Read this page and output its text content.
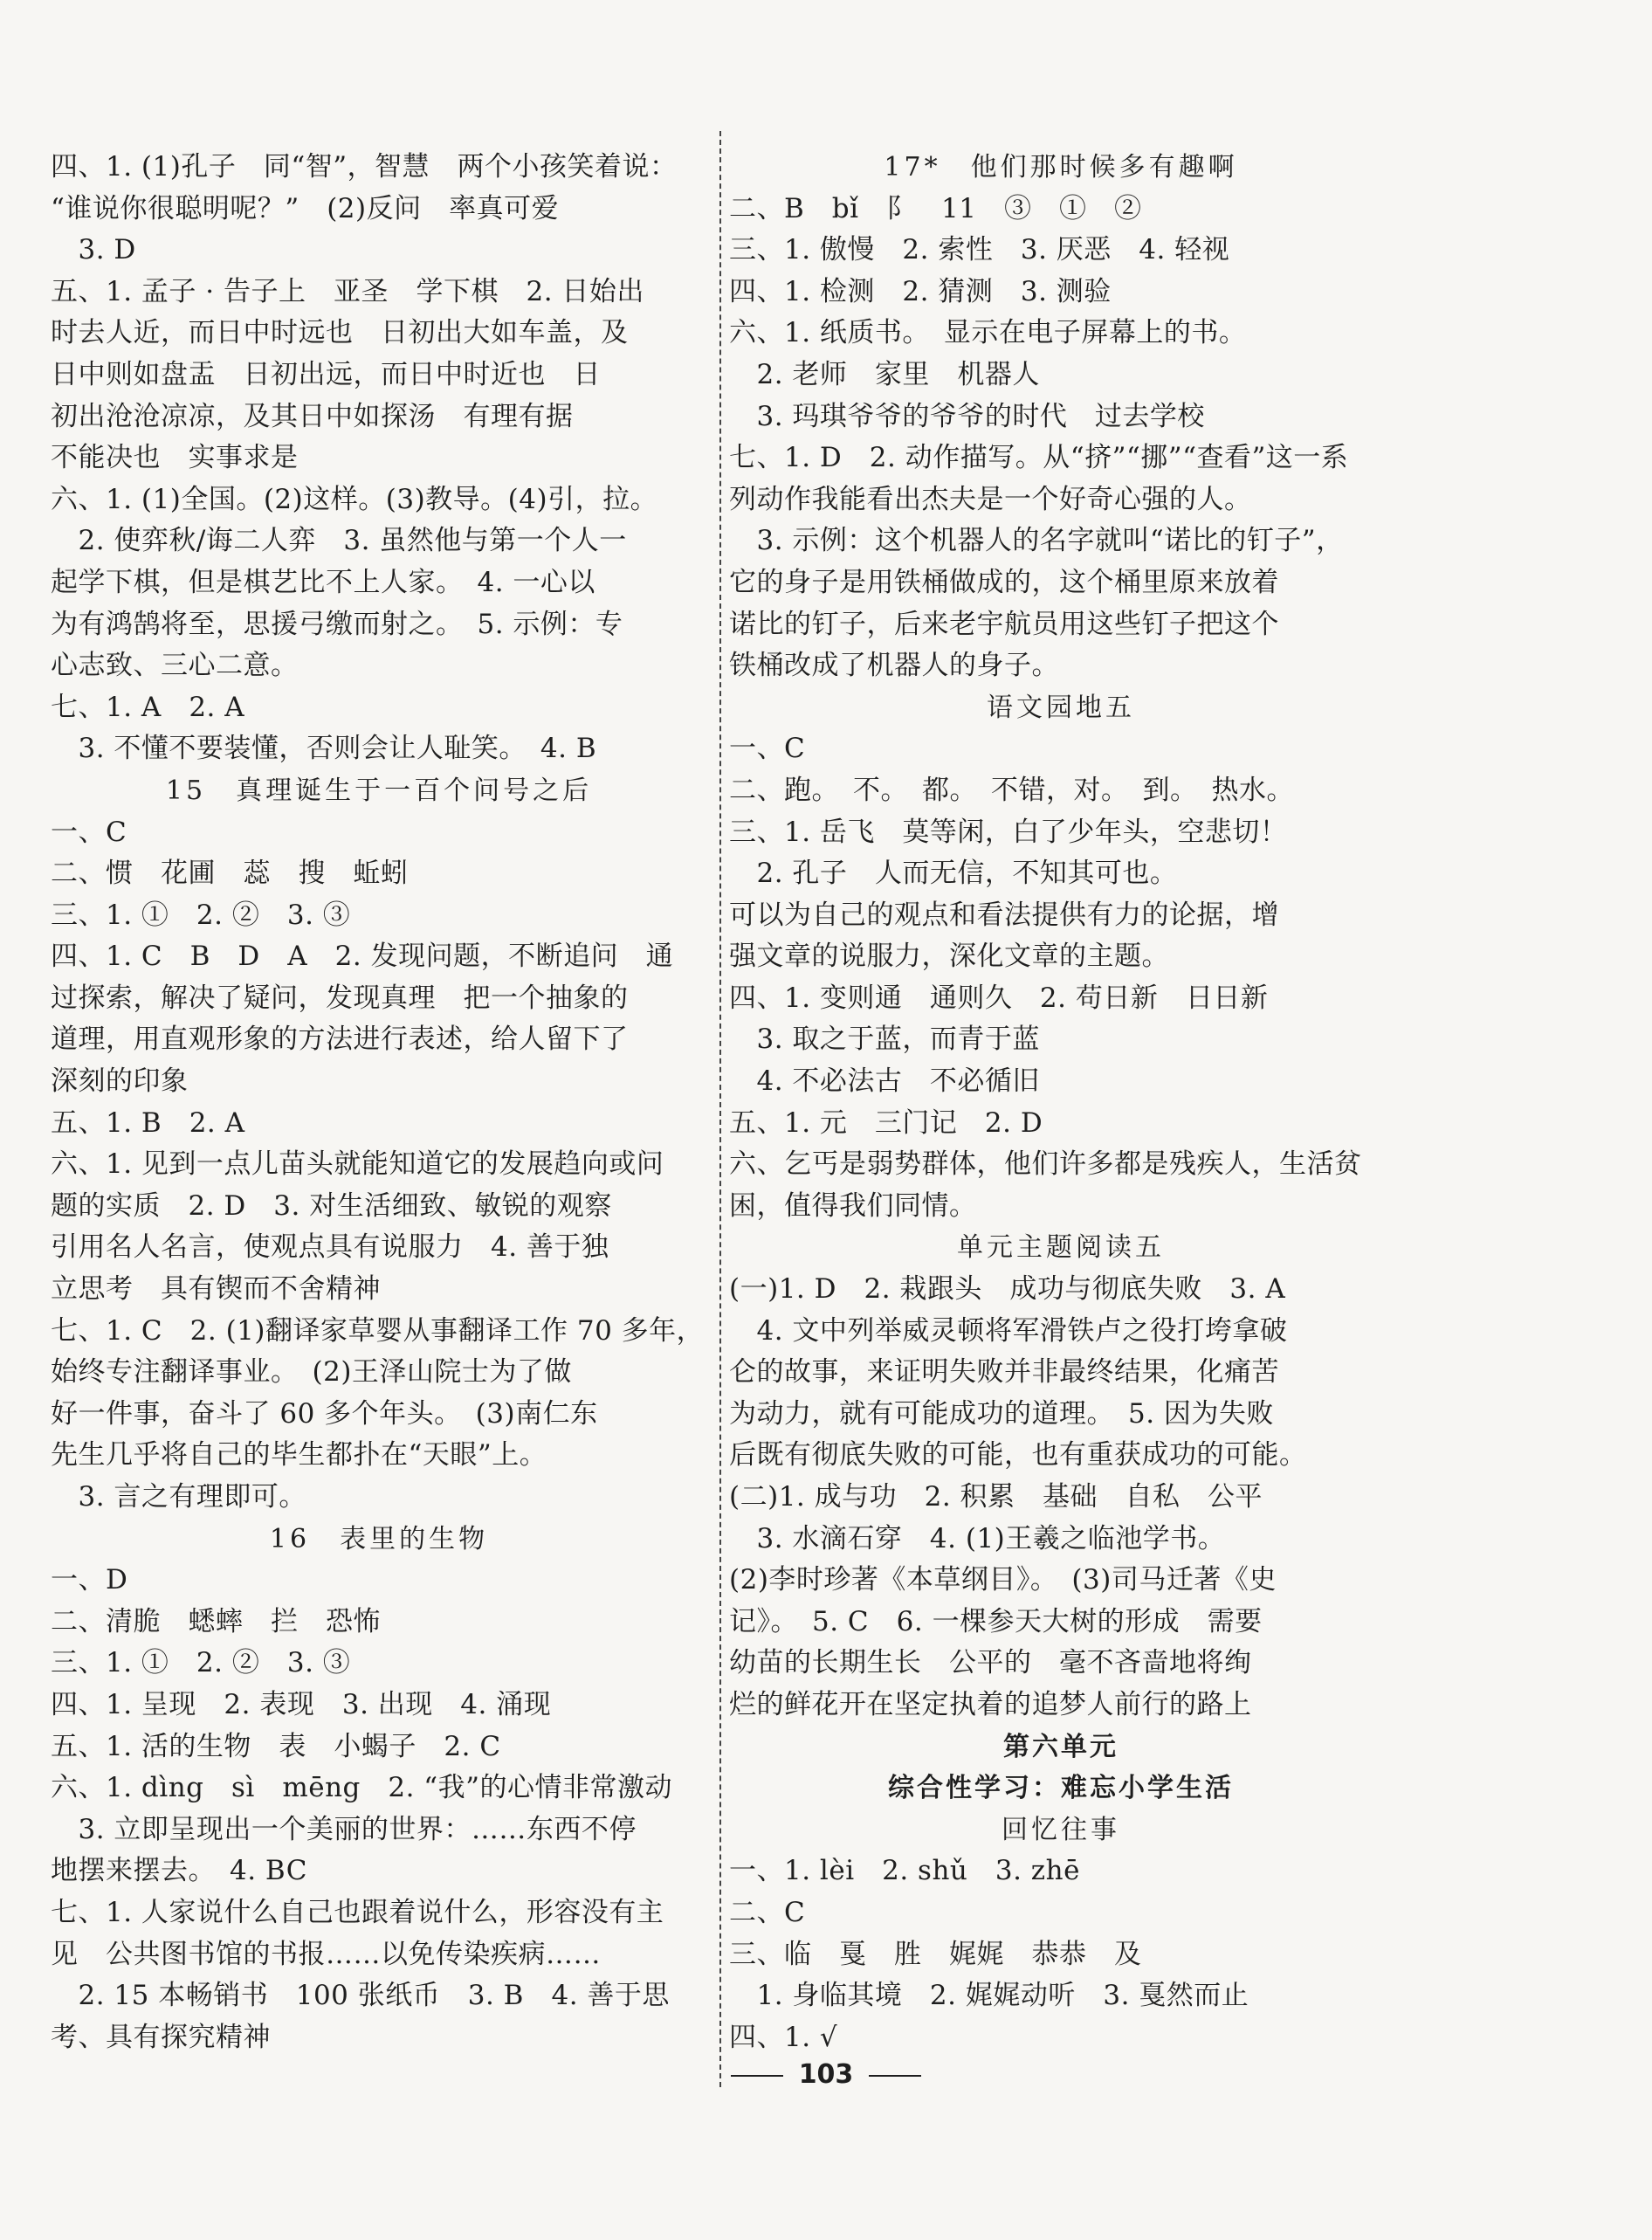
四、1. (1)孔子　同“智”，智慧　两个小孩笑着说：
“谁说你很聪明呢？”　(2)反问　率真可爱
　3. D
五、1. 孟子 · 告子上　亚圣　学下棋　2. 日始出
时去人近，而日中时远也　日初出大如车盖，及
日中则如盘盂　日初出远，而日中时近也　日
初出沧沧凉凉，及其日中如探汤　有理有据
不能决也　实事求是
六、1. (1)全国。(2)这样。(3)教导。(4)引，拉。
　2. 使弈秋/诲二人弈　3. 虽然他与第一个人一
起学下棋，但是棋艺比不上人家。　4. 一心以
为有鸿鹄将至，思援弓缴而射之。　5. 示例：专
心志致、三心二意。
七、1. A　2. A
　3. 不懂不要装懂，否则会让人耻笑。　4. B
15　真理诞生于一百个问号之后
一、C
二、惯　花圃　蕊　搜　蚯蚓
三、1. ①　2. ②　3. ③
四、1. C　B　D　A　2. 发现问题，不断追问　通
过探索，解决了疑问，发现真理　把一个抽象的
道理，用直观形象的方法进行表述，给人留下了
深刻的印象
五、1. B　2. A
六、1. 见到一点儿苗头就能知道它的发展趋向或问
题的实质　2. D　3. 对生活细致、敏锐的观察
引用名人名言，使观点具有说服力　4. 善于独
立思考　具有锲而不舍精神
七、1. C　2. (1)翻译家草婴从事翻译工作 70 多年，
始终专注翻译事业。　(2)王泽山院士为了做
好一件事，奋斗了 60 多个年头。　(3)南仁东
先生几乎将自己的毕生都扑在“天眼”上。
　3. 言之有理即可。
16　表里的生物
一、D
二、清脆　蟋蟀　拦　恐怖
三、1. ①　2. ②　3. ③
四、1. 呈现　2. 表现　3. 出现　4. 涌现
五、1. 活的生物　表　小蝎子　2. C
六、1. dìng　sì　mēng　2. “我”的心情非常激动
　3. 立即呈现出一个美丽的世界：……东西不停
地摆来摆去。　4. BC
七、1. 人家说什么自己也跟着说什么，形容没有主
见　公共图书馆的书报……以免传染疾病……
　2. 15 本畅销书　100 张纸币　3. B　4. 善于思
考、具有探究精神
17*　他们那时候多有趣啊
二、B　bǐ　阝　11　③　①　②
三、1. 傲慢　2. 索性　3. 厌恶　4. 轻视
四、1. 检测　2. 猜测　3. 测验
六、1. 纸质书。　显示在电子屏幕上的书。
　2. 老师　家里　机器人
　3. 玛琪爷爷的爷爷的时代　过去学校
七、1. D　2. 动作描写。从“挤”“挪”“查看”这一系
列动作我能看出杰夫是一个好奇心强的人。
　3. 示例：这个机器人的名字就叫“诺比的钉子”，
它的身子是用铁桶做成的，这个桶里原来放着
诺比的钉子，后来老宇航员用这些钉子把这个
铁桶改成了机器人的身子。
语文园地五
一、C
二、跑。　不。　都。　不错，对。　到。　热水。
三、1. 岳飞　莫等闲，白了少年头，空悲切！
　2. 孔子　人而无信，不知其可也。
可以为自己的观点和看法提供有力的论据，增
强文章的说服力，深化文章的主题。
四、1. 变则通　通则久　2. 苟日新　日日新
　3. 取之于蓝，而青于蓝
　4. 不必法古　不必循旧
五、1. 元　三门记　2. D
六、乞丐是弱势群体，他们许多都是残疾人，生活贫
困，值得我们同情。
单元主题阅读五
(一)1. D　2. 栽跟头　成功与彻底失败　3. A
　4. 文中列举威灵顿将军滑铁卢之役打垮拿破
仑的故事，来证明失败并非最终结果，化痛苦
为动力，就有可能成功的道理。　5. 因为失败
后既有彻底失败的可能，也有重获成功的可能。
(二)1. 成与功　2. 积累　基础　自私　公平
　3. 水滴石穿　4. (1)王羲之临池学书。
(2)李时珍著《本草纲目》。　(3)司马迁著《史
记》。　5. C　6. 一棵参天大树的形成　需要
幼苗的长期生长　公平的　毫不吝啬地将绚
烂的鲜花开在坚定执着的追梦人前行的路上
第六单元
综合性学习：难忘小学生活
回忆往事
一、1. lèi　2. shǔ　3. zhē
二、C
三、临　戛　胜　娓娓　恭恭　及
　1. 身临其境　2. 娓娓动听　3. 戛然而止
四、1. √
103
